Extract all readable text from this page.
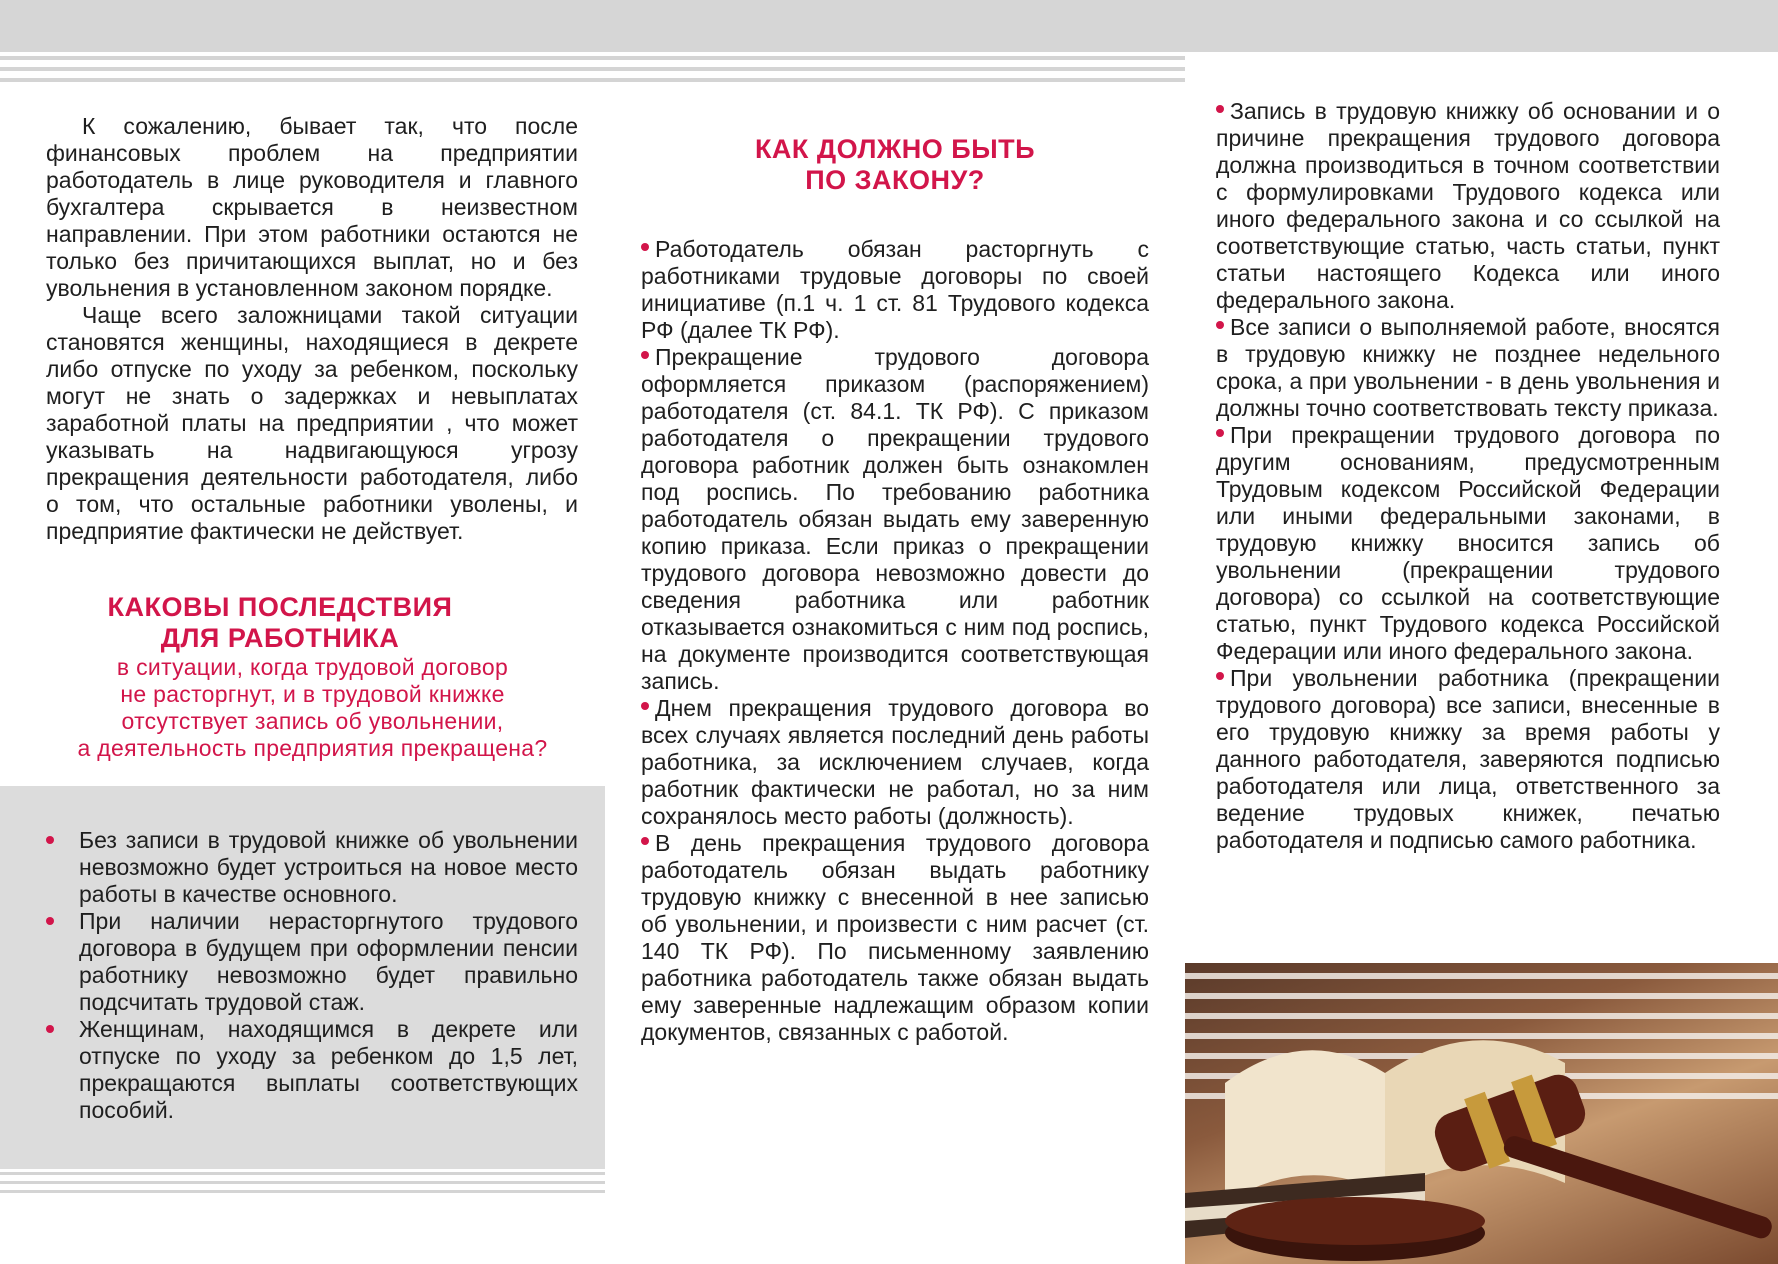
К сожалению, бывает так, что после финансовых проблем на предприятии работодатель в лице руководителя и главного бухгалтера скрывается в неизвестном направлении. При этом работники остаются не только без причитающихся выплат, но и без увольнения в установленном законом порядке.

Чаще всего заложницами такой ситуации становятся женщины, находящиеся в декрете либо отпуске по уходу за ребенком, поскольку могут не знать о задержках и невыплатах заработной платы на предприятии , что может указывать на надвигающуюся угрозу прекращения деятельности работодателя, либо о том, что остальные работники уволены, и предприятие фактически не действует.

КАКОВЫ ПОСЛЕДСТВИЯ
ДЛЯ РАБОТНИКА
в ситуации, когда трудовой договор
не расторгнут, и в трудовой книжке
отсутствует запись об увольнении,
а деятельность предприятия прекращена?
Без записи в трудовой книжке об увольнении невозможно будет устроиться на новое место работы в качестве основного.
При наличии нерасторгнутого трудового договора в будущем при оформлении пенсии работнику невозможно будет правильно подсчитать трудовой стаж.
Женщинам, находящимся в декрете или отпуске по уходу за ребенком до 1,5 лет, прекращаются выплаты соответствующих пособий.
КАК ДОЛЖНО БЫТЬ
ПО ЗАКОНУ?
Работодатель обязан расторгнуть с работниками трудовые договоры по своей инициативе (п.1 ч. 1 ст. 81 Трудового кодекса РФ (далее ТК РФ).
Прекращение трудового договора оформляется приказом (распоряжением) работодателя (ст. 84.1. ТК РФ). С приказом работодателя о прекращении трудового договора работник должен быть ознакомлен под роспись. По требованию работника работодатель обязан выдать ему заверенную копию приказа. Если приказ о прекращении трудового договора невозможно довести до сведения работника или работник отказывается ознакомиться с ним под роспись, на документе производится соответствующая запись.
Днем прекращения трудового договора во всех случаях является последний день работы работника, за исключением случаев, когда работник фактически не работал, но за ним сохранялось место работы (должность).
В день прекращения трудового договора работодатель обязан выдать работнику трудовую книжку с внесенной в нее записью об увольнении, и произвести с ним расчет (ст. 140 ТК РФ). По письменному заявлению работника работодатель также обязан выдать ему заверенные надлежащим образом копии документов, связанных с работой.
Запись в трудовую книжку об основании и о причине прекращения трудового договора должна производиться в точном соответствии с формулировками Трудового кодекса или иного федерального закона и со ссылкой на соответствующие статью, часть статьи, пункт статьи настоящего Кодекса или иного федерального закона.
Все записи о выполняемой работе, вносятся в трудовую книжку не позднее недельного срока, а при увольнении - в день увольнения и должны точно соответствовать тексту приказа.
При прекращении трудового договора по другим основаниям, предусмотренным Трудовым кодексом Российской Федерации или иными федеральными законами, в трудовую книжку вносится запись об увольнении (прекращении трудового договора) со ссылкой на соответствующие статью, пункт Трудового кодекса Российской Федерации или иного федерального закона.
При увольнении работника (прекращении трудового договора) все записи, внесенные в его трудовую книжку за время работы у данного работодателя, заверяются подписью работодателя или лица, ответственного за ведение трудовых книжек, печатью работодателя и подписью самого работника.
